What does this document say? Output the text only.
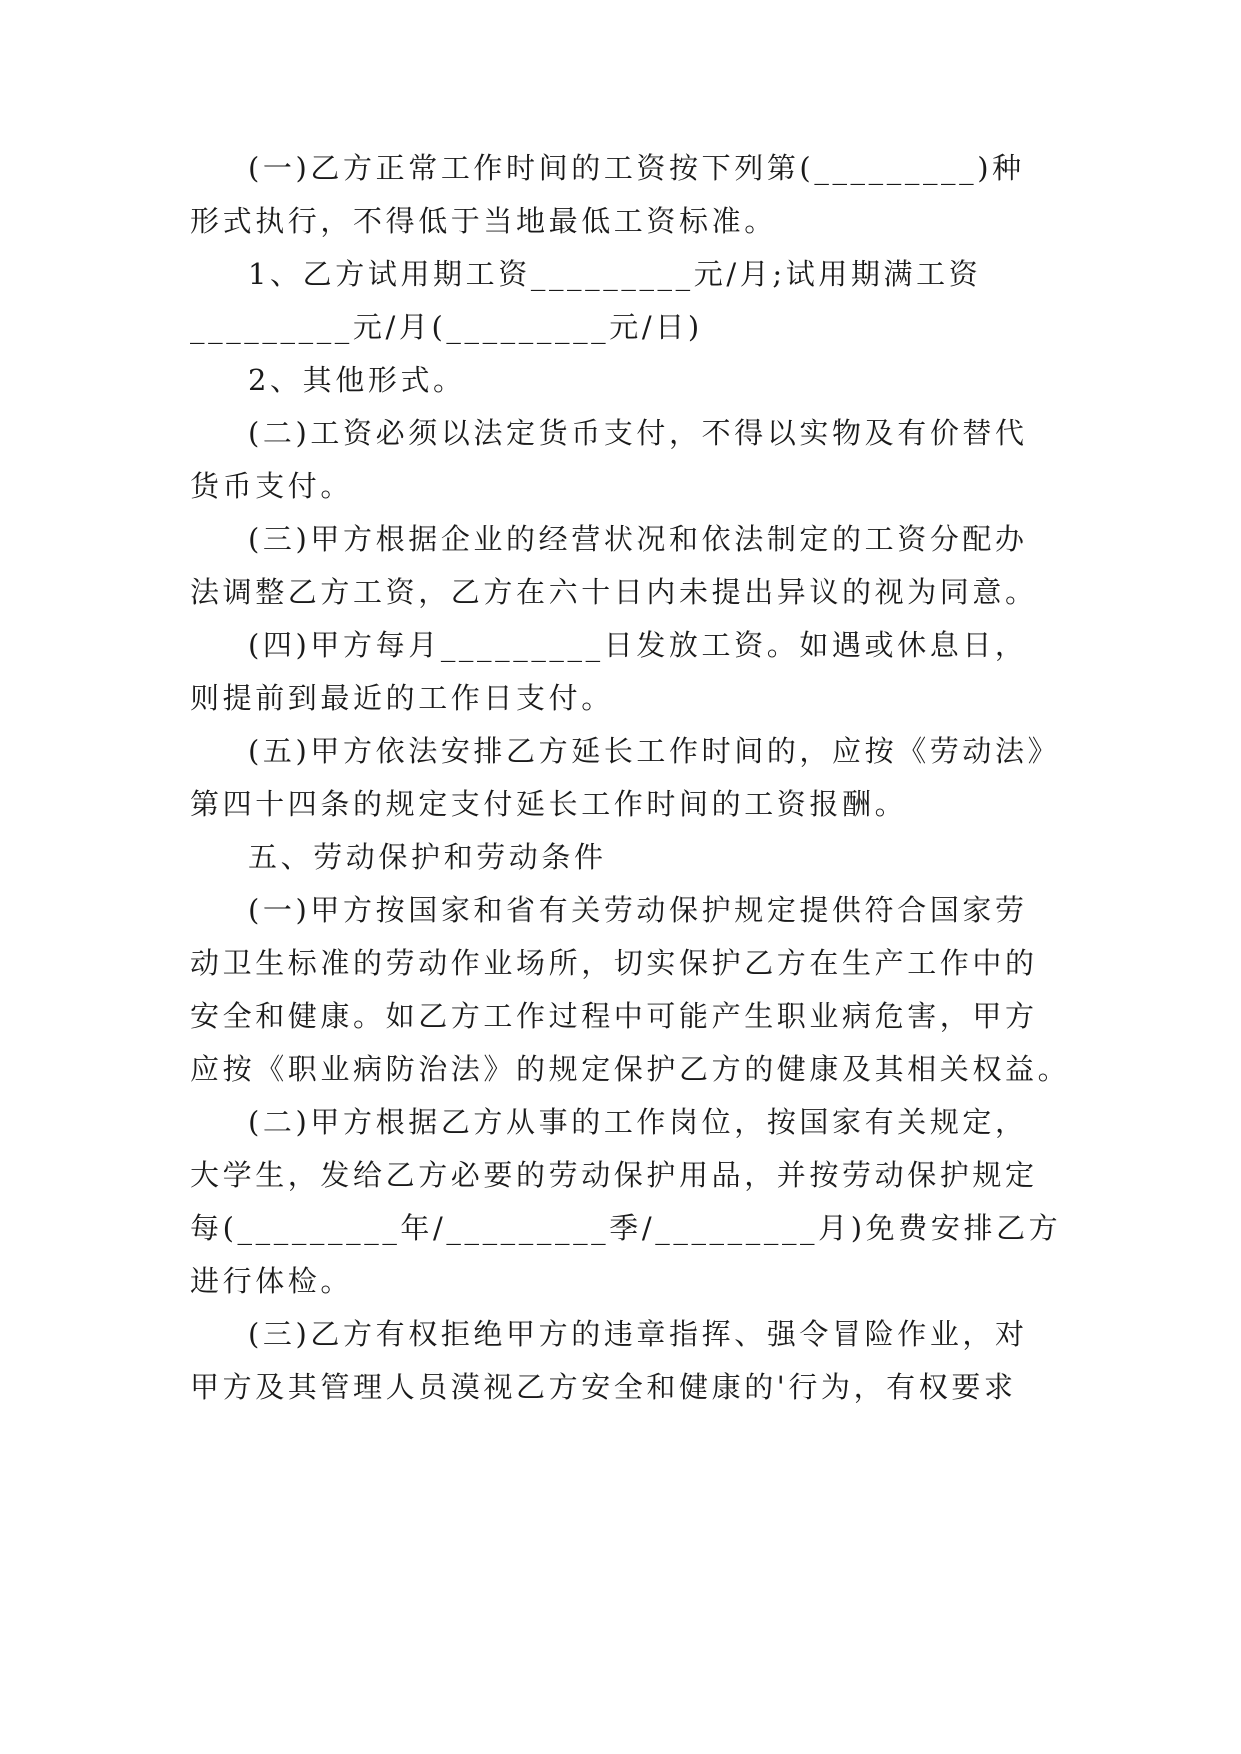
(一)乙方正常工作时间的工资按下列第(_________)种
形式执行，不得低于当地最低工资标准。
1、乙方试用期工资_________元/月;试用期满工资
_________元/月(_________元/日)
2、其他形式。
(二)工资必须以法定货币支付，不得以实物及有价替代
货币支付。
(三)甲方根据企业的经营状况和依法制定的工资分配办
法调整乙方工资，乙方在六十日内未提出异议的视为同意。
(四)甲方每月_________日发放工资。如遇或休息日，
则提前到最近的工作日支付。
(五)甲方依法安排乙方延长工作时间的，应按《劳动法》
第四十四条的规定支付延长工作时间的工资报酬。
五、劳动保护和劳动条件
(一)甲方按国家和省有关劳动保护规定提供符合国家劳
动卫生标准的劳动作业场所，切实保护乙方在生产工作中的
安全和健康。如乙方工作过程中可能产生职业病危害，甲方
应按《职业病防治法》的规定保护乙方的健康及其相关权益。
(二)甲方根据乙方从事的工作岗位，按国家有关规定，
大学生，发给乙方必要的劳动保护用品，并按劳动保护规定
每(_________年/_________季/_________月)免费安排乙方
进行体检。
(三)乙方有权拒绝甲方的违章指挥、强令冒险作业，对
甲方及其管理人员漠视乙方安全和健康的'行为，有权要求
